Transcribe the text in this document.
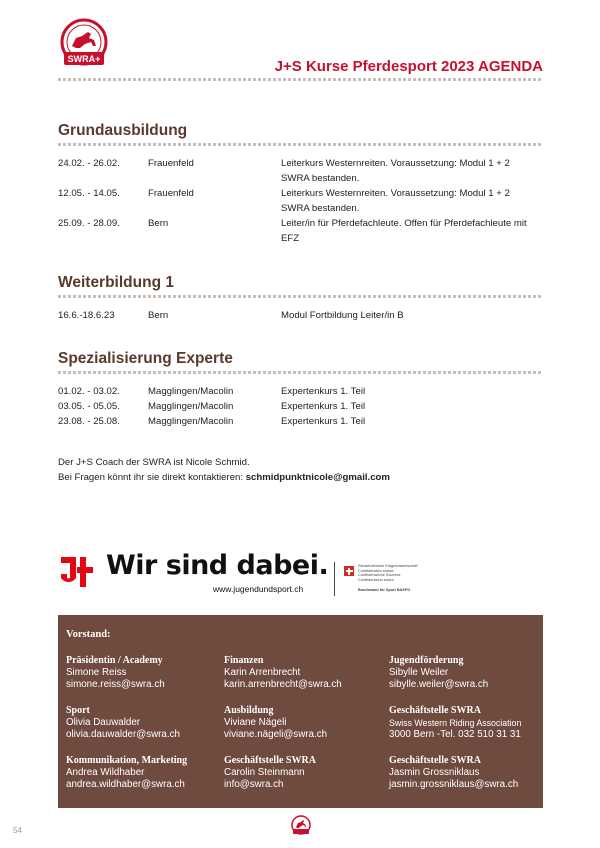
SWRA+	J+S Kurse Pferdesport 2023 AGENDA
Grundausbildung
24.02. - 26.02.	Frauenfeld	Leiterkurs Westernreiten. Voraussetzung: Modul 1 + 2 SWRA bestanden.
12.05. - 14.05.	Frauenfeld	Leiterkurs Westernreiten. Voraussetzung: Modul 1 + 2 SWRA bestanden.
25.09. - 28.09.	Bern	Leiter/in für Pferdefachleute. Offen für Pferdefachleute mit EFZ
Weiterbildung 1
16.6.-18.6.23	Bern	Modul Fortbildung Leiter/in B
Spezialisierung Experte
01.02. - 03.02.	Magglingen/Macolin	Expertenkurs 1. Teil
03.05. - 05.05.	Magglingen/Macolin	Expertenkurs 1. Teil
23.08. - 25.08.	Magglingen/Macolin	Expertenkurs 1. Teil
Der J+S Coach der SWRA ist Nicole Schmid.
Bei Fragen könnt ihr sie direkt kontaktieren: schmidpunktnicole@gmail.com
Wir sind dabei.
www.jugendundsport.ch
Schweizerische Eidgenossenschaft
Confédération suisse
Confederazione Svizzera
Confederaziun svizra
Bundesamt für Sport BASPO
Vorstand:
Präsidentin / Academy
Simone Reiss
simone.reiss@swra.ch
Finanzen
Karin Arrenbrecht
karin.arrenbrecht@swra.ch
Jugendförderung
Sibylle Weiler
sibylle.weiler@swra.ch
Sport
Olivia Dauwalder
olivia.dauwalder@swra.ch
Ausbildung
Viviane Nägeli
viviane.nägeli@swra.ch
Geschäftstelle SWRA
Swiss Western Riding Association
3000 Bern -Tel. 032 510 31 31
Kommunikation, Marketing
Andrea Wildhaber
andrea.wildhaber@swra.ch
Geschäftstelle SWRA
Carolin Steinmann
info@swra.ch
Geschäftstelle SWRA
Jasmin Grossniklaus
jasmin.grossniklaus@swra.ch
54
